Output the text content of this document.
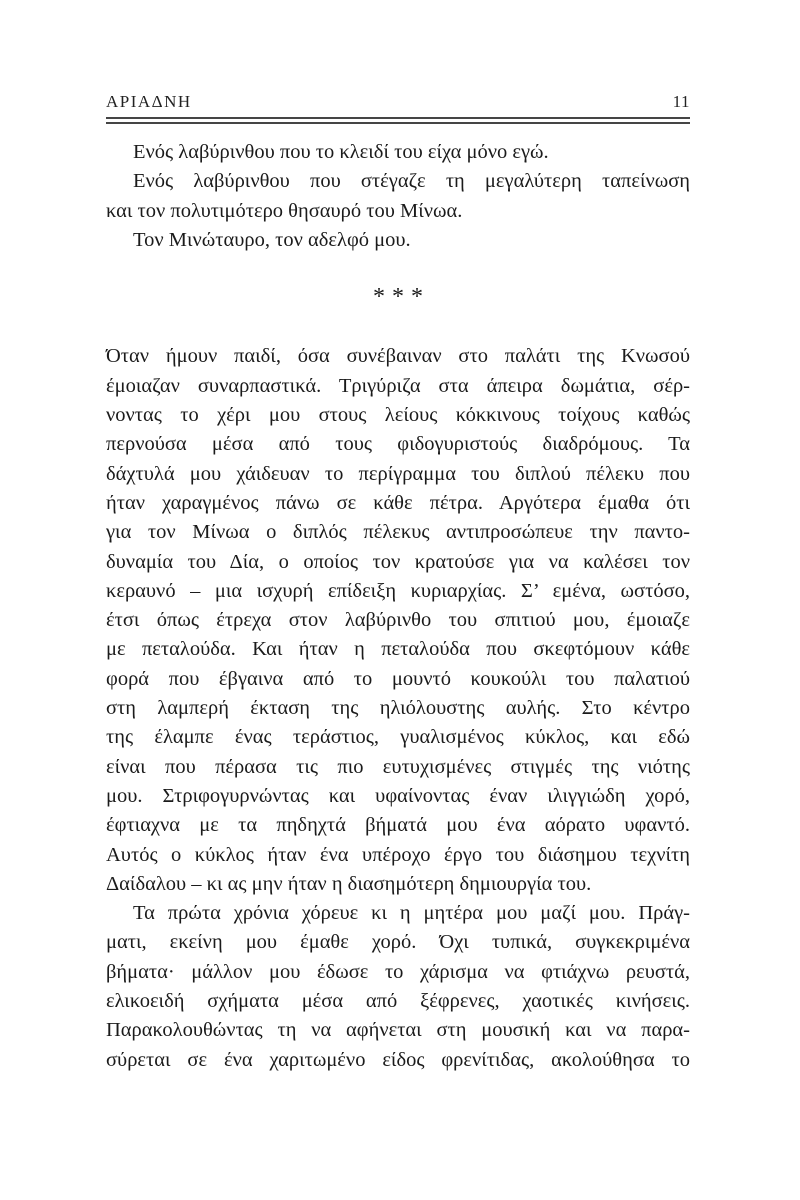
ΑΡΙΑΔΝΗ	11

Ενός λαβύρινθου που το κλειδί του είχα μόνο εγώ.

Ενός λαβύρινθου που στέγαζε τη μεγαλύτερη ταπείνωση
και τον πολυτιμότερο θησαυρό του Μίνωα.

Τον Μινώταυρο, τον αδελφό μου.

***

Όταν ήμουν παιδί, όσα συνέβαιναν στο παλάτι της Κνωσού
έμοιαζαν συναρπαστικά. Τριγύριζα στα άπειρα δωμάτια, σέρ-
νοντας το χέρι μου στους λείους κόκκινους τοίχους καθώς
περνούσα μέσα από τους φιδογυριστούς διαδρόμους. Τα
δάχτυλά μου χάιδευαν το περίγραμμα του διπλού πέλεκυ που
ήταν χαραγμένος πάνω σε κάθε πέτρα. Αργότερα έμαθα ότι
για τον Μίνωα ο διπλός πέλεκυς αντιπροσώπευε την παντο-
δυναμία του Δία, ο οποίος τον κρατούσε για να καλέσει τον
κεραυνό – μια ισχυρή επίδειξη κυριαρχίας. Σ’ εμένα, ωστόσο,
έτσι όπως έτρεχα στον λαβύρινθο του σπιτιού μου, έμοιαζε
με πεταλούδα. Και ήταν η πεταλούδα που σκεφτόμουν κάθε
φορά που έβγαινα από το μουντό κουκούλι του παλατιού
στη λαμπερή έκταση της ηλιόλουστης αυλής. Στο κέντρο
της έλαμπε ένας τεράστιος, γυαλισμένος κύκλος, και εδώ
είναι που πέρασα τις πιο ευτυχισμένες στιγμές της νιότης
μου. Στριφογυρνώντας και υφαίνοντας έναν ιλιγγιώδη χορό,
έφτιαχνα με τα πηδηχτά βήματά μου ένα αόρατο υφαντό.
Αυτός ο κύκλος ήταν ένα υπέροχο έργο του διάσημου τεχνίτη
Δαίδαλου – κι ας μην ήταν η διασημότερη δημιουργία του.

Τα πρώτα χρόνια χόρευε κι η μητέρα μου μαζί μου. Πράγ-
ματι, εκείνη μου έμαθε χορό. Όχι τυπικά, συγκεκριμένα
βήματα· μάλλον μου έδωσε το χάρισμα να φτιάχνω ρευστά,
ελικοειδή σχήματα μέσα από ξέφρενες, χαοτικές κινήσεις.
Παρακολουθώντας τη να αφήνεται στη μουσική και να παρα-
σύρεται σε ένα χαριτωμένο είδος φρενίτιδας, ακολούθησα το
